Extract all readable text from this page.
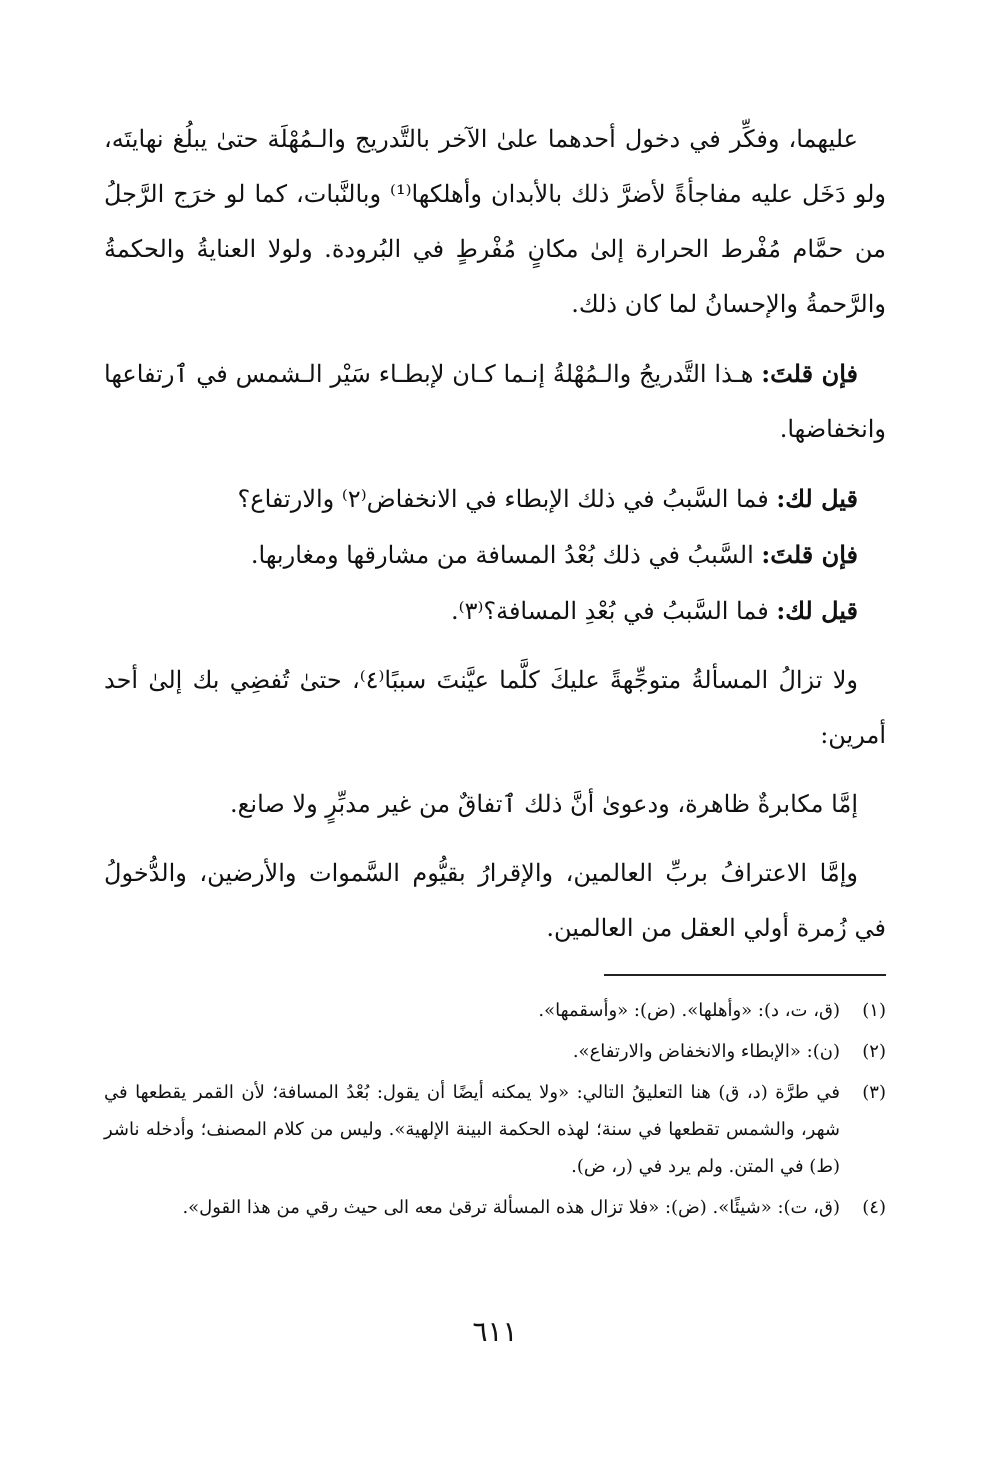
عليهما، وفكِّر في دخول أحدهما علىٰ الآخر بالتَّدريج والـمُهْلَة حتىٰ يبلُغ نهايتَه، ولو دَخَل عليه مفاجأةً لأضرَّ ذلك بالأبدان وأهلكها⁽¹⁾ وبالنَّبات، كما لو خرَج الرَّجلُ من حمَّام مُفْرط الحرارة إلىٰ مكانٍ مُفْرطٍ في البُرودة. ولولا العنايةُ والحكمةُ والرَّحمةُ والإحسانُ لما كان ذلك.

فإن قلتَ: هـذا التَّدريجُ والـمُهْلةُ إنـما كـان لإبطـاء سَيْر الـشمس في ٱرتفاعها وانخفاضها.

قيل لك: فما السَّببُ في ذلك الإبطاء في الانخفاض⁽٢⁾ والارتفاع؟

فإن قلتَ: السَّببُ في ذلك بُعْدُ المسافة من مشارقها ومغاربها.

قيل لك: فما السَّببُ في بُعْدِ المسافة؟⁽٣⁾.

ولا تزالُ المسألةُ متوجِّهةً عليكَ كلَّما عيَّنتَ سببًا⁽٤⁾، حتىٰ تُفضِي بك إلىٰ أحد أمرين:

إمَّا مكابرةٌ ظاهرة، ودعوىٰ أنَّ ذلك ٱتفاقٌ من غير مدبِّرٍ ولا صانع.

وإمَّا الاعترافُ بربِّ العالمين، والإقرارُ بقيُّوم السَّموات والأرضين، والدُّخولُ في زُمرة أولي العقل من العالمين.

(١)
(ق، ت، د): «وأهلها». (ض): «وأسقمها».
(٢)
(ن): «الإبطاء والانخفاض والارتفاع».
(٣)
في طرَّة (د، ق) هنا التعليقُ التالي: «ولا يمكنه أيضًا أن يقول: بُعْدُ المسافة؛ لأن القمر يقطعها في شهر، والشمس تقطعها في سنة؛ لهذه الحكمة البينة الإلهية». وليس من كلام المصنف؛ وأدخله ناشر (ط) في المتن. ولم يرد في (ر، ض).
(٤)
(ق، ت): «شيئًا». (ض): «فلا تزال هذه المسألة ترقىٰ معه الى حيث رقي من هذا القول».
٦١١
